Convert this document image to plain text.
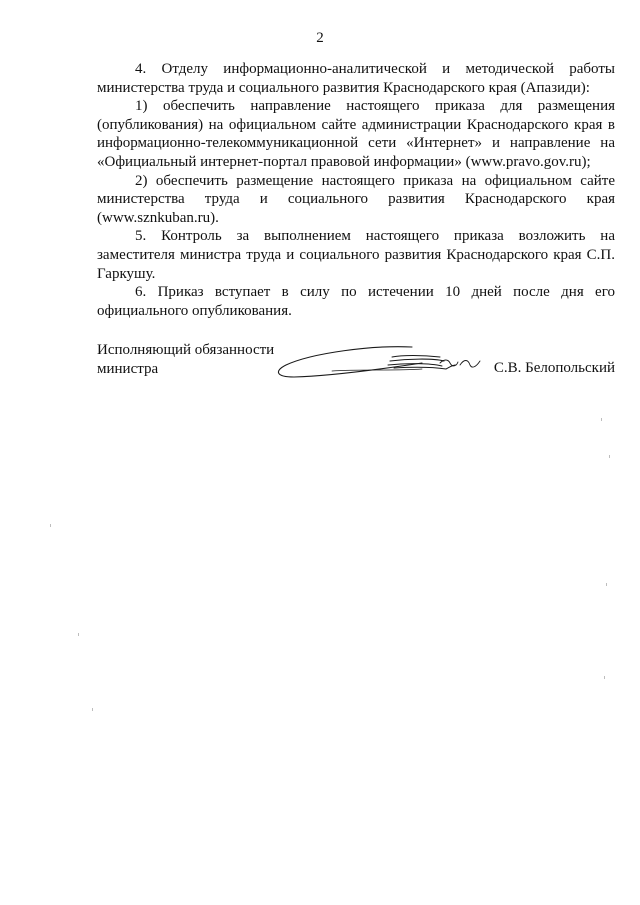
2

4. Отделу информационно-аналитической и методической работы министерства труда и социального развития Краснодарского края (Апазиди):

1) обеспечить направление настоящего приказа для размещения (опубликования) на официальном сайте администрации Краснодарского края в информационно-телекоммуникационной сети «Интернет» и направление на «Официальный интернет-портал правовой информации» (www.pravo.gov.ru);

2) обеспечить размещение настоящего приказа на официальном сайте министерства труда и социального развития Краснодарского края (www.sznkuban.ru).

5. Контроль за выполнением настоящего приказа возложить на заместителя министра труда и социального развития Краснодарского края С.П. Гаркушу.

6. Приказ вступает в силу по истечении 10 дней после дня его официального опубликования.

Исполняющий обязанности
министра	С.В. Белопольский
